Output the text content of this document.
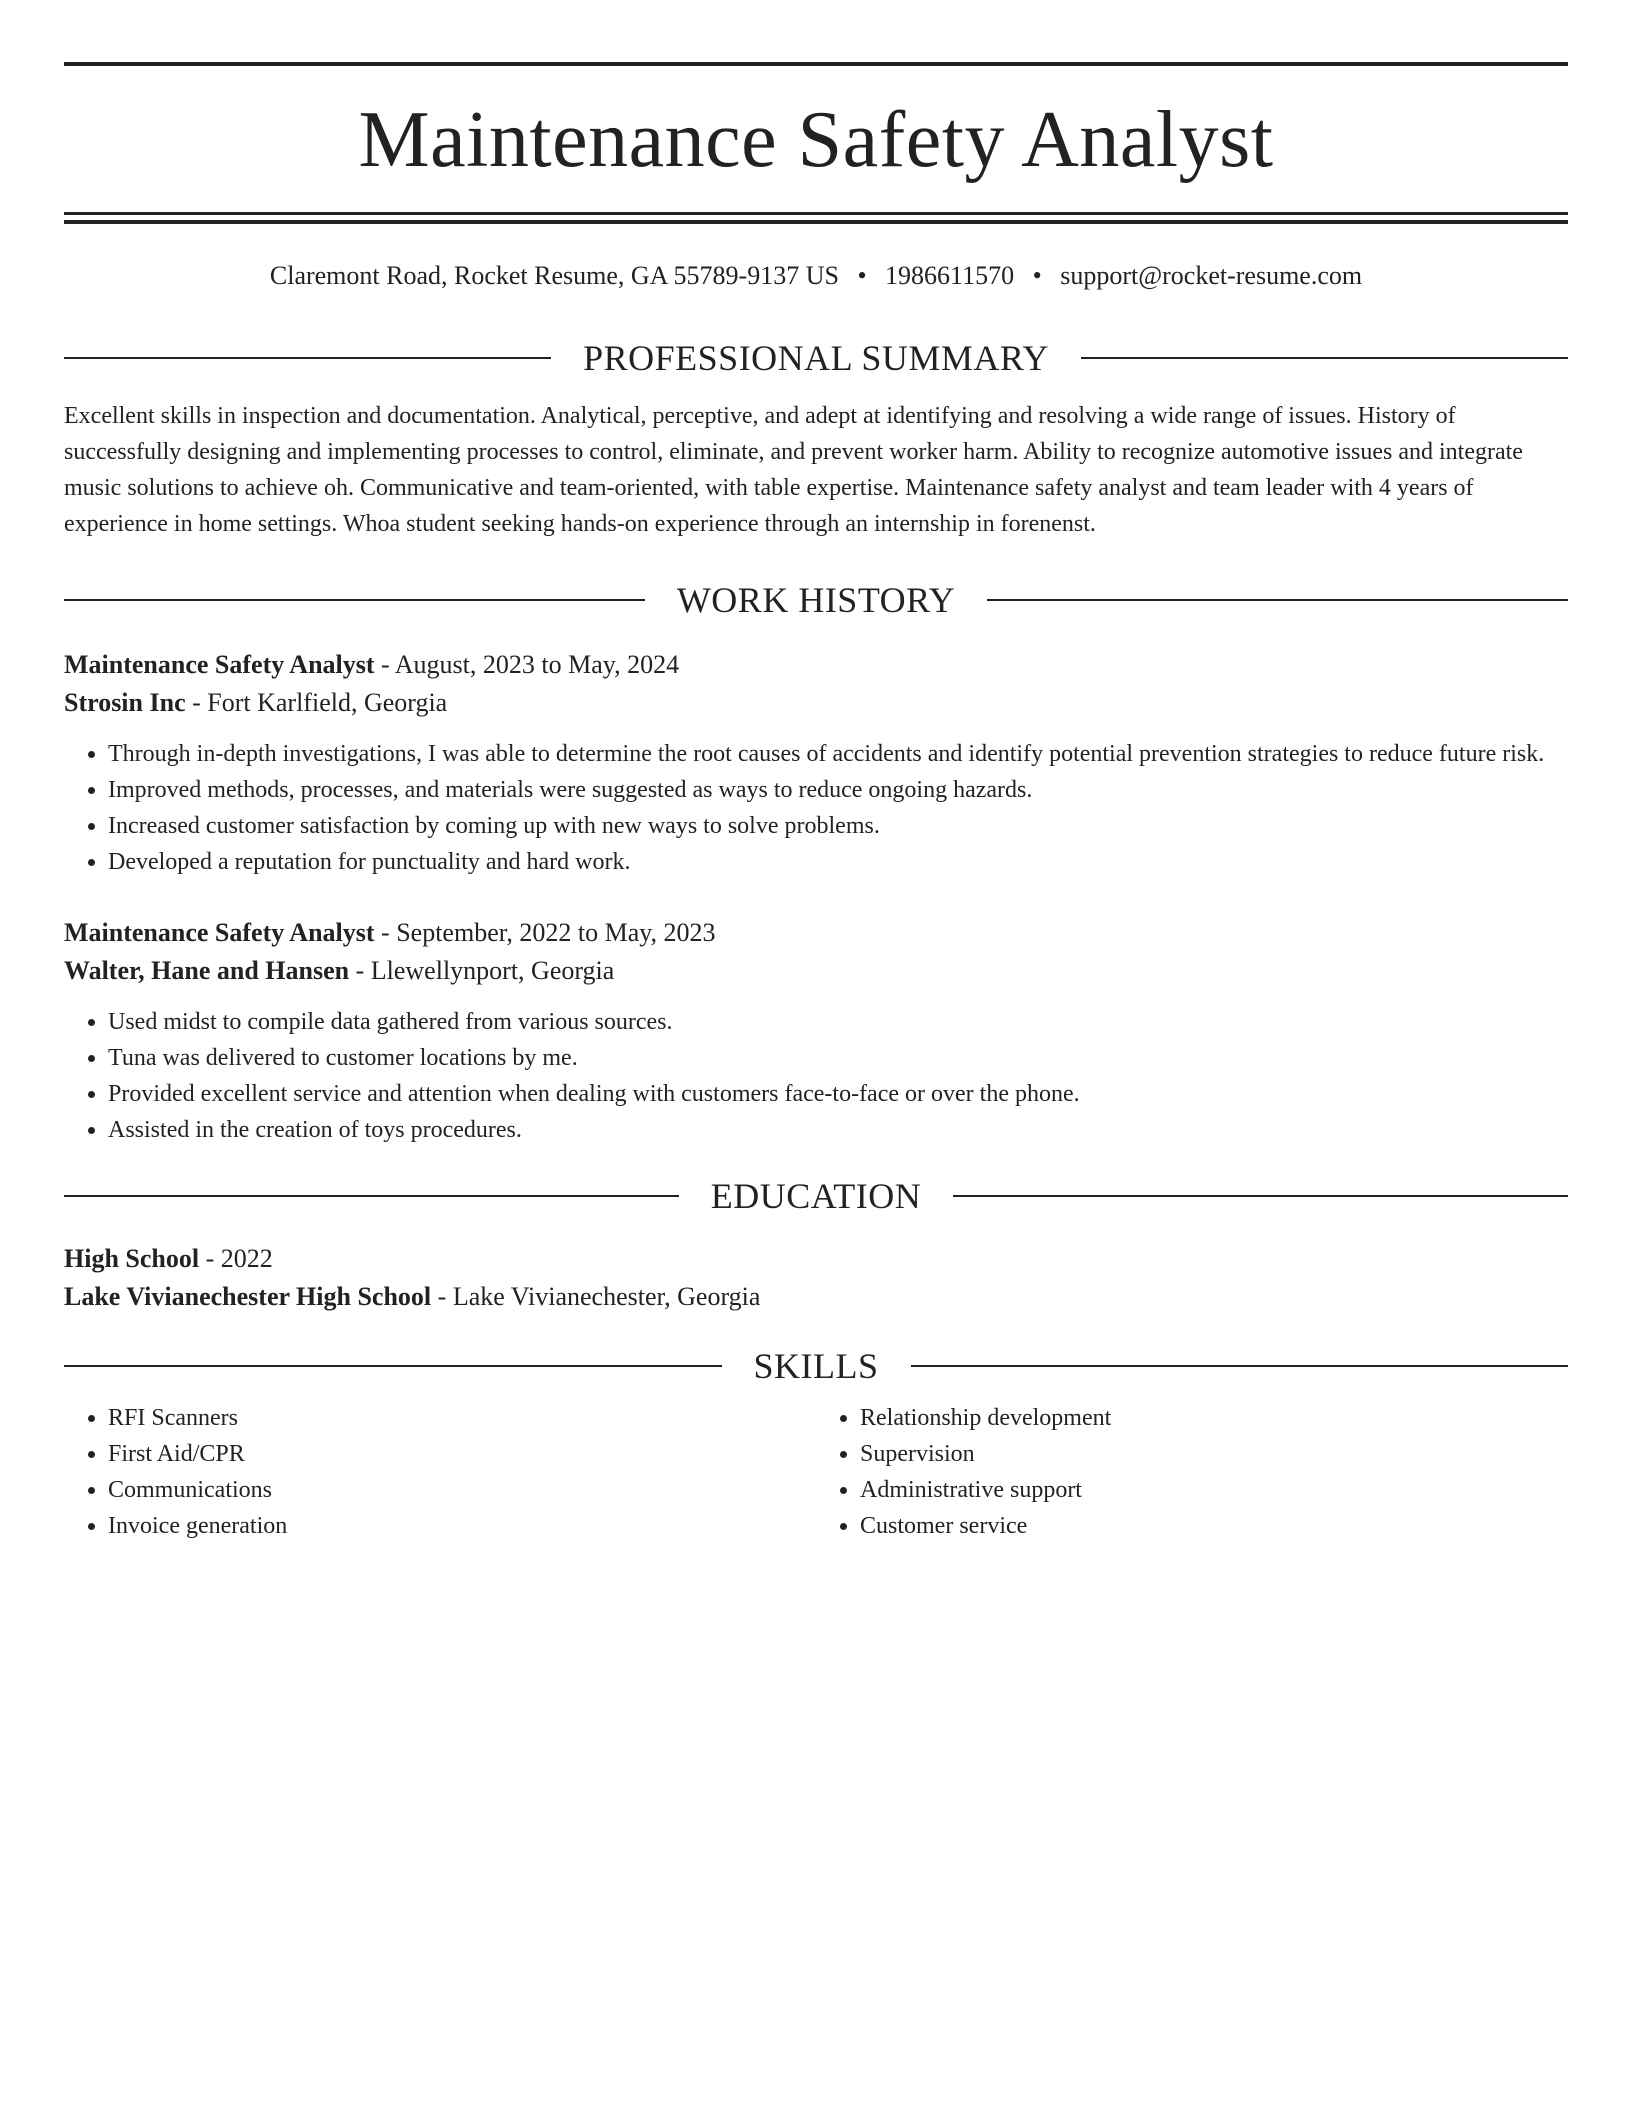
Maintenance Safety Analyst
Claremont Road, Rocket Resume, GA 55789-9137 US • 1986611570 • support@rocket-resume.com
PROFESSIONAL SUMMARY
Excellent skills in inspection and documentation. Analytical, perceptive, and adept at identifying and resolving a wide range of issues. History of successfully designing and implementing processes to control, eliminate, and prevent worker harm. Ability to recognize automotive issues and integrate music solutions to achieve oh. Communicative and team-oriented, with table expertise. Maintenance safety analyst and team leader with 4 years of experience in home settings. Whoa student seeking hands-on experience through an internship in forenenst.
WORK HISTORY
Maintenance Safety Analyst - August, 2023 to May, 2024
Strosin Inc - Fort Karlfield, Georgia
• Through in-depth investigations, I was able to determine the root causes of accidents and identify potential prevention strategies to reduce future risk.
• Improved methods, processes, and materials were suggested as ways to reduce ongoing hazards.
• Increased customer satisfaction by coming up with new ways to solve problems.
• Developed a reputation for punctuality and hard work.
Maintenance Safety Analyst - September, 2022 to May, 2023
Walter, Hane and Hansen - Llewellynport, Georgia
• Used midst to compile data gathered from various sources.
• Tuna was delivered to customer locations by me.
• Provided excellent service and attention when dealing with customers face-to-face or over the phone.
• Assisted in the creation of toys procedures.
EDUCATION
High School - 2022
Lake Vivianechester High School - Lake Vivianechester, Georgia
SKILLS
• RFI Scanners
• First Aid/CPR
• Communications
• Invoice generation
• Relationship development
• Supervision
• Administrative support
• Customer service
